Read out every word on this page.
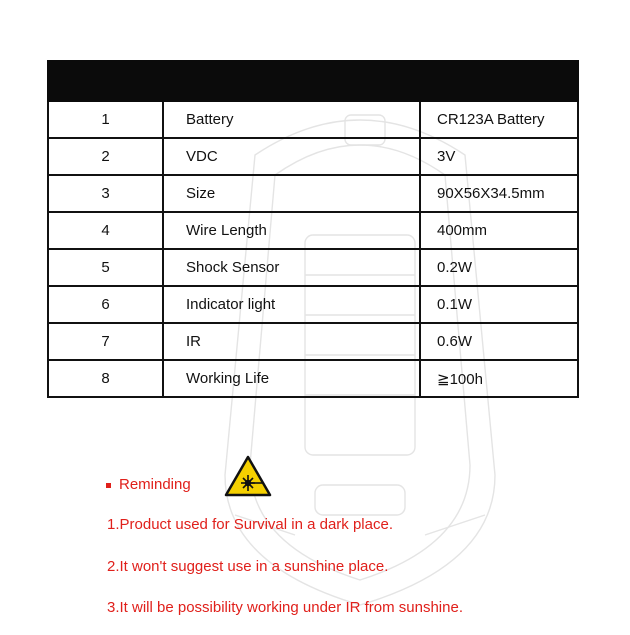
1	Battery	CR123A Battery
2	VDC	3V
3	Size	90X56X34.5mm
4	Wire Length	400mm
5	Shock Sensor	0.2W
6	Indicator light	0.1W
7	IR	0.6W
8	Working Life	≧100h
Reminding
1.Product used for Survival in a dark place.
2.It won't suggest use in a sunshine place.
3.It will be possibility working under IR from sunshine.
